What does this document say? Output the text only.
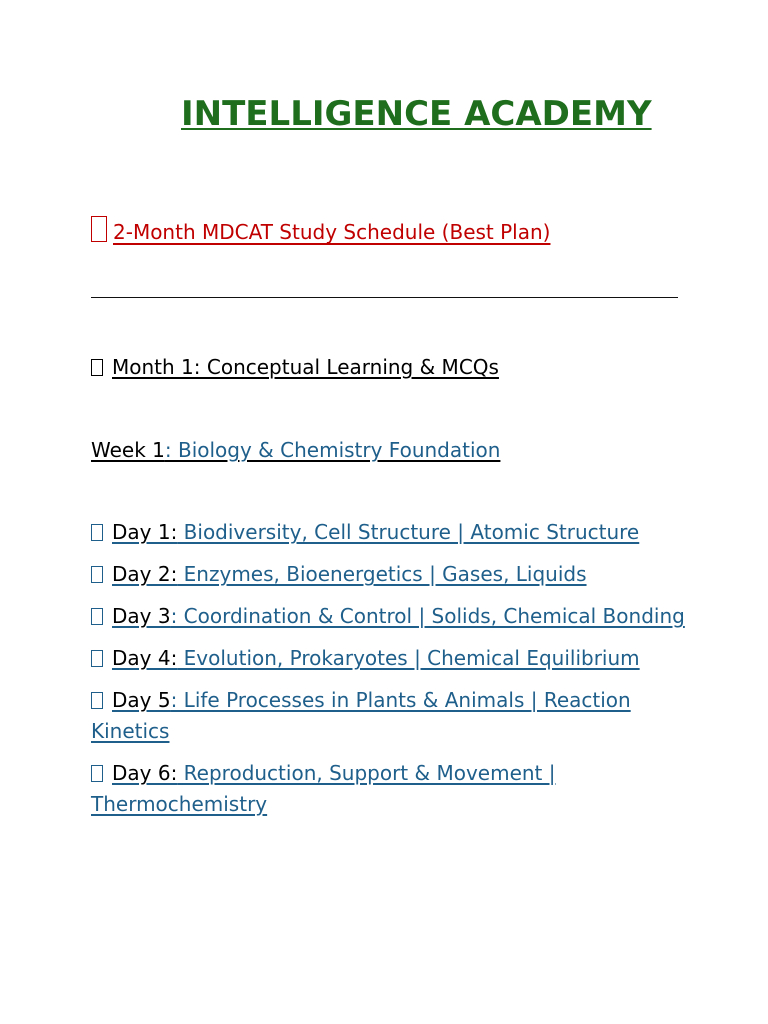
INTELLIGENCE ACADEMY
2-Month MDCAT Study Schedule (Best Plan)
Month 1: Conceptual Learning & MCQs
Week 1: Biology & Chemistry Foundation
Day 1: Biodiversity, Cell Structure | Atomic Structure
Day 2: Enzymes, Bioenergetics | Gases, Liquids
Day 3: Coordination & Control | Solids, Chemical Bonding
Day 4: Evolution, Prokaryotes | Chemical Equilibrium
Day 5: Life Processes in Plants & Animals | Reaction Kinetics
Day 6: Reproduction, Support & Movement | Thermochemistry
